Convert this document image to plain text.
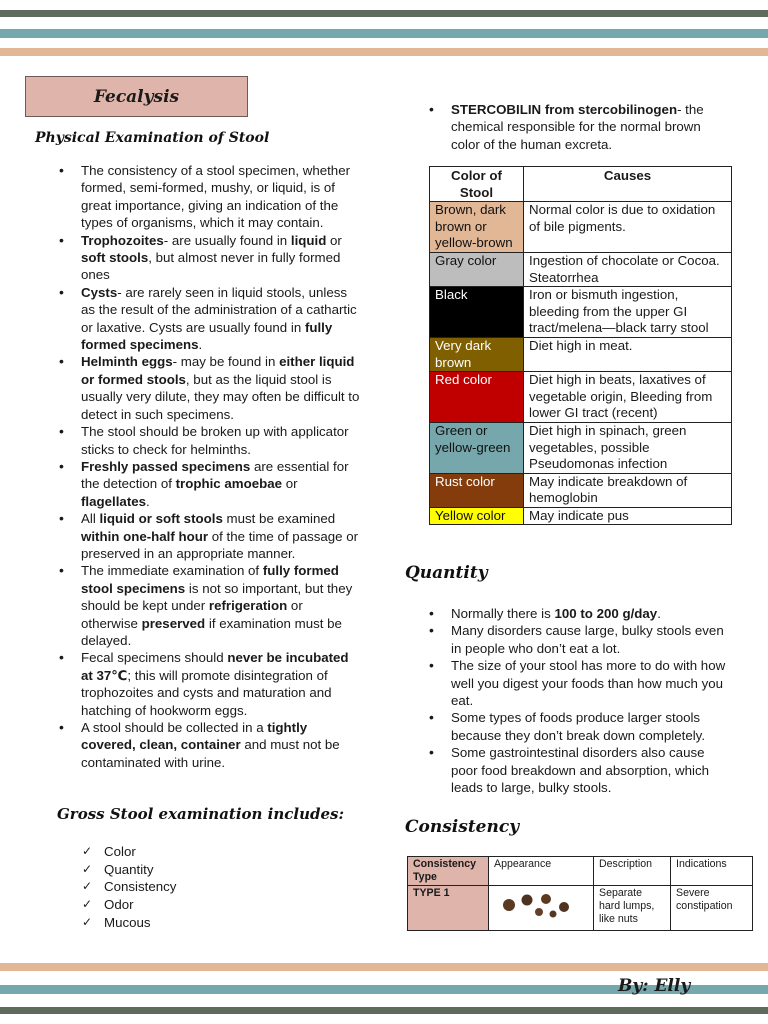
Fecalysis
Physical Examination of Stool
• The consistency of a stool specimen, whether formed, semi-formed, mushy, or liquid, is of great importance, giving an indication of the types of organisms, which it may contain.
• Trophozoites- are usually found in liquid or soft stools, but almost never in fully formed ones
• Cysts- are rarely seen in liquid stools, unless as the result of the administration of a cathartic or laxative. Cysts are usually found in fully formed specimens.
• Helminth eggs- may be found in either liquid or formed stools, but as the liquid stool is usually very dilute, they may often be difficult to detect in such specimens.
• The stool should be broken up with applicator sticks to check for helminths.
• Freshly passed specimens are essential for the detection of trophic amoebae or flagellates.
• All liquid or soft stools must be examined within one-half hour of the time of passage or preserved in an appropriate manner.
• The immediate examination of fully formed stool specimens is not so important, but they should be kept under refrigeration or otherwise preserved if examination must be delayed.
• Fecal specimens should never be incubated at 37℃; this will promote disintegration of trophozoites and cysts and maturation and hatching of hookworm eggs.
• A stool should be collected in a tightly covered, clean, container and must not be contaminated with urine.
Gross Stool examination includes:
✓ Color
✓ Quantity
✓ Consistency
✓ Odor
✓ Mucous
• STERCOBILIN from stercobilinogen- the chemical responsible for the normal brown color of the human excreta.
Color of Stool	Causes
Brown, dark brown or yellow-brown	Normal color is due to oxidation of bile pigments.
Gray color	Ingestion of chocolate or Cocoa. Steatorrhea
Black	Iron or bismuth ingestion, bleeding from the upper GI tract/melena—black tarry stool
Very dark brown	Diet high in meat.
Red color	Diet high in beats, laxatives of vegetable origin, Bleeding from lower GI tract (recent)
Green or yellow-green	Diet high in spinach, green vegetables, possible Pseudomonas infection
Rust color	May indicate breakdown of hemoglobin
Yellow color	May indicate pus
Quantity
• Normally there is 100 to 200 g/day.
• Many disorders cause large, bulky stools even in people who don’t eat a lot.
• The size of your stool has more to do with how well you digest your foods than how much you eat.
• Some types of foods produce larger stools because they don’t break down completely.
• Some gastrointestinal disorders also cause poor food breakdown and absorption, which leads to large, bulky stools.
Consistency
Consistency Type	Appearance	Description	Indications
TYPE 1		Separate hard lumps, like nuts	Severe constipation
By: Elly
